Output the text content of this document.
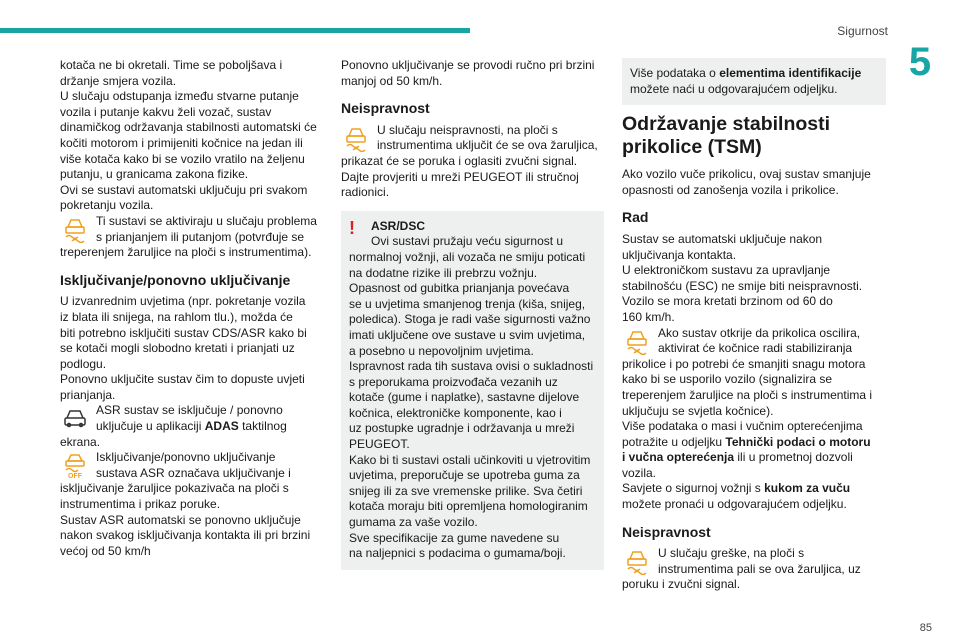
Sigurnost
5
85

kotača ne bi okretali. Time se poboljšava i
držanje smjera vozila.
U slučaju odstupanja između stvarne putanje
vozila i putanje kakvu želi vozač, sustav
dinamičkog održavanja stabilnosti automatski će
kočiti motorom i primijeniti kočnice na jedan ili
više kotača kako bi se vozilo vratilo na željenu
putanju, u granicama zakona fizike.
Ovi se sustavi automatski uključuju pri svakom
pokretanju vozila.

Ti sustavi se aktiviraju u slučaju problema
s prianjanjem ili putanjom (potvrđuje se
treperenjem žaruljice na ploči s instrumentima).
Isključivanje/ponovno uključivanje

U izvanrednim uvjetima (npr. pokretanje vozila
iz blata ili snijega, na rahlom tlu.), možda će
biti potrebno isključiti sustav CDS/ASR kako bi
se kotači mogli slobodno kretati i prianjati uz
podlogu.
Ponovno uključite sustav čim to dopuste uvjeti
prianjanja.

ASR sustav se isključuje / ponovno uključuje u aplikaciji ADAS taktilnog ekrana.
OFF
Isključivanje/ponovno uključivanje
sustava ASR označava uključivanje i
isključivanje žaruljice pokazivača na ploči s
instrumentima i prikaz poruke.

Sustav ASR automatski se ponovno uključuje
nakon svakog isključivanja kontakta ili pri brzini
većoj od 50 km/h

Ponovno uključivanje se provodi ručno pri brzini
manjoj od 50 km/h.

Neispravnost
U slučaju neispravnosti, na ploči s
instrumentima uključit će se ova žaruljica,
prikazat će se poruka i oglasiti zvučni signal.
Dajte provjeriti u mreži PEUGEOT ili stručnoj
radionici.
! ASR/DSC
Ovi sustavi pružaju veću sigurnost u
normalnoj vožnji, ali vozača ne smiju poticati
na dodatne rizike ili prebrzu vožnju.
Opasnost od gubitka prianjanja povećava
se u uvjetima smanjenog trenja (kiša, snijeg,
poledica). Stoga je radi vaše sigurnosti važno
imati uključene ove sustave u svim uvjetima,
a posebno u nepovoljnim uvjetima.
Ispravnost rada tih sustava ovisi o sukladnosti
s preporukama proizvođača vezanih uz
kotače (gume i naplatke), sastavne dijelove
kočnica, elektroničke komponente, kao i
uz postupke ugradnje i održavanja u mreži
PEUGEOT.
Kako bi ti sustavi ostali učinkoviti u vjetrovitim
uvjetima, preporučuje se upotreba guma za
snijeg ili za sve vremenske prilike. Sva četiri
kotača moraju biti opremljena homologiranim
gumama za vaše vozilo.
Sve specifikacije za gume navedene su
na naljepnici s podacima o gumama/boji.
Više podataka o elementima identifikacije
možete naći u odgovarajućem odjeljku.
Održavanje stabilnosti
prikolice (TSM)

Ako vozilo vuče prikolicu, ovaj sustav smanjuje
opasnosti od zanošenja vozila i prikolice.

Rad

Sustav se automatski uključuje nakon
uključivanja kontakta.
U elektroničkom sustavu za upravljanje
stabilnošću (ESC) ne smije biti neispravnosti.
Vozilo se mora kretati brzinom od 60 do
160 km/h.

Ako sustav otkrije da prikolica oscilira,
aktivirat će kočnice radi stabiliziranja
prikolice i po potrebi će smanjiti snagu motora
kako bi se usporilo vozilo (signalizira se
treperenjem žaruljice na ploči s instrumentima i
uključuju se svjetla kočnice).

Više podataka o masi i vučnim opterećenjima
potražite u odjeljku Tehnički podaci o motoru
i vučna opterećenja ili u prometnoj dozvoli
vozila.
Savjete o sigurnoj vožnji s kukom za vuču
možete pronaći u odgovarajućem odjeljku.

Neispravnost
U slučaju greške, na ploči s
instrumentima pali se ova žaruljica, uz
poruku i zvučni signal.
